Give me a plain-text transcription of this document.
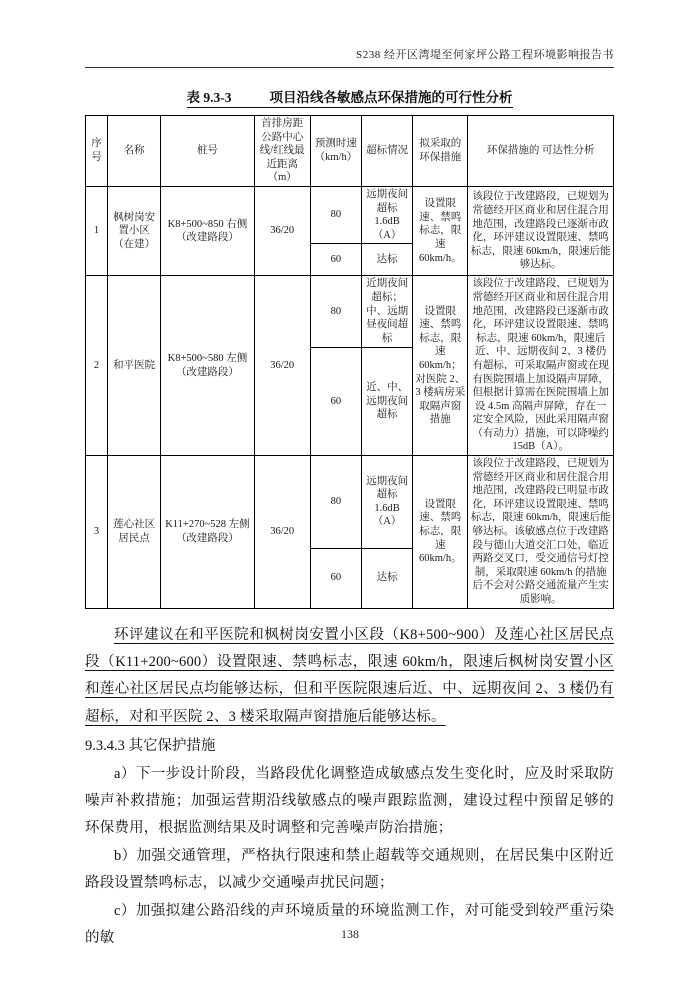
S238 经开区湾堤至何家坪公路工程环境影响报告书
表 9.3-3	项目沿线各敏感点环保措施的可行性分析
序号	名称	桩号	首排房距公路中心线/红线最近距离（m）	预测时速（km/h）	超标情况	拟采取的环保措施	环保措施的 可达性分析
1	枫树岗安置小区（在建）	K8+500~850 右侧（改建路段）	36/20	80	远期夜间超标1.6dB（A）	设置限速、禁鸣标志，限速 60km/h。	该段位于改建路段，已规划为常德经开区商业和居住混合用地范围，改建路段已逐渐市政化，环评建议设置限速、禁鸣标志，限速 60km/h，限速后能够达标。
				60	达标		
2	和平医院	K8+500~580 左侧（改建路段）	36/20	80	近期夜间超标；中、远期昼夜间超标	设置限速、禁鸣标志，限速 60km/h；对医院 2、3 楼病房采取隔声窗措施	该段位于改建路段，已规划为常德经开区商业和居住混合用地范围，改建路段已逐渐市政化，环评建议设置限速、禁鸣标志，限速 60km/h，限速后近、中、远期夜间 2、3 楼仍有超标，可采取隔声窗或在现有医院围墙上加设隔声屏障，但根据计算需在医院围墙上加设 4.5m 高隔声屏障，存在一定安全风险，因此采用隔声窗（有动力）措施，可以降噪约 15dB（A）。
				60	近、中、远期夜间超标		
3	莲心社区居民点	K11+270~528 左侧（改建路段）	36/20	80	远期夜间超标1.6dB（A）	设置限速、禁鸣标志，限速 60km/h。	该段位于改建路段，已规划为常德经开区商业和居住混合用地范围，改建路段已明显市政化，环评建议设置限速、禁鸣标志，限速 60km/h，限速后能够达标。该敏感点位于改建路段与德山大道交汇口处，临近两路交叉口，受交通信号灯控制，采取限速 60km/h 的措施后不会对公路交通流量产生实质影响。
				60	达标		

环评建议在和平医院和枫树岗安置小区段（K8+500~900）及莲心社区居民点段（K11+200~600）设置限速、禁鸣标志，限速 60km/h，限速后枫树岗安置小区和莲心社区居民点均能够达标，但和平医院限速后近、中、远期夜间 2、3 楼仍有超标，对和平医院 2、3 楼采取隔声窗措施后能够达标。

9.3.4.3 其它保护措施

a）下一步设计阶段，当路段优化调整造成敏感点发生变化时，应及时采取防噪声补救措施；加强运营期沿线敏感点的噪声跟踪监测，建设过程中预留足够的环保费用，根据监测结果及时调整和完善噪声防治措施；

b）加强交通管理，严格执行限速和禁止超载等交通规则，在居民集中区附近路段设置禁鸣标志，以减少交通噪声扰民问题；

c）加强拟建公路沿线的声环境质量的环境监测工作，对可能受到较严重污染的敏	138
